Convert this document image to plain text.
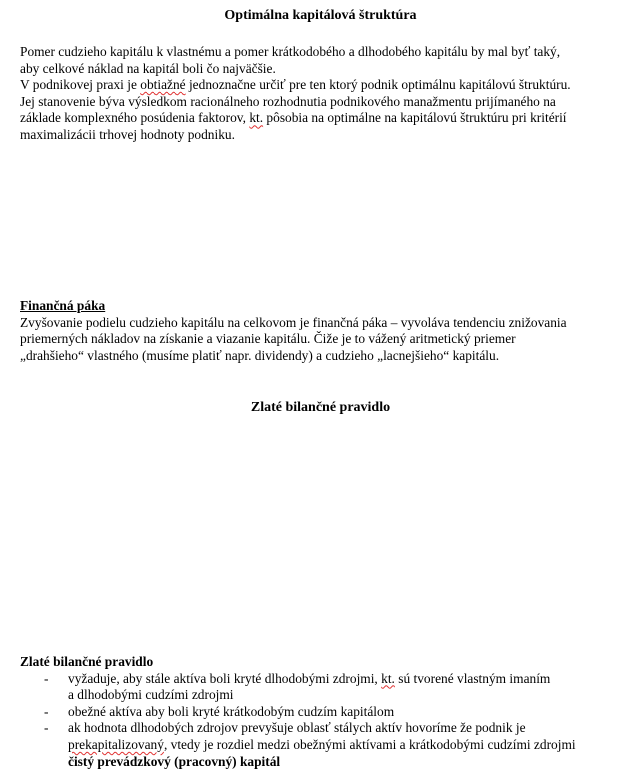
Optimálna kapitálová štruktúra
Pomer cudzieho kapitálu k vlastnému a pomer krátkodobého a dlhodobého kapitálu by mal byť taký,
aby celkové náklad na kapitál boli čo najväčšie.
V podnikovej praxi je obtiažné jednoznačne určiť pre ten ktorý podnik optimálnu kapitálovú štruktúru.
Jej stanovenie býva výsledkom racionálneho rozhodnutia podnikového manažmentu prijímaného na
základe komplexného posúdenia faktorov, kt. pôsobia na optimálne na kapitálovú štruktúru pri kritérií
maximalizácii trhovej hodnoty podniku.
Finančná páka
Zvyšovanie podielu cudzieho kapitálu na celkovom je finančná páka – vyvoláva tendenciu znižovania
priemerných nákladov na získanie a viazanie kapitálu. Čiže je to vážený aritmetický priemer
„drahšieho“ vlastného (musíme platiť napr. dividendy) a cudzieho „lacnejšieho“ kapitálu.
Zlaté bilančné pravidlo
Zlaté bilančné pravidlo
- vyžaduje, aby stále aktíva boli kryté dlhodobými zdrojmi, kt. sú tvorené vlastným imaním
a dlhodobými cudzími zdrojmi
- obežné aktíva aby boli kryté krátkodobým cudzím kapitálom
- ak hodnota dlhodobých zdrojov prevyšuje oblasť stálych aktív hovoríme že podnik je
prekapitalizovaný, vtedy je rozdiel medzi obežnými aktívami a krátkodobými cudzími zdrojmi
čistý prevádzkový (pracovný) kapitál
